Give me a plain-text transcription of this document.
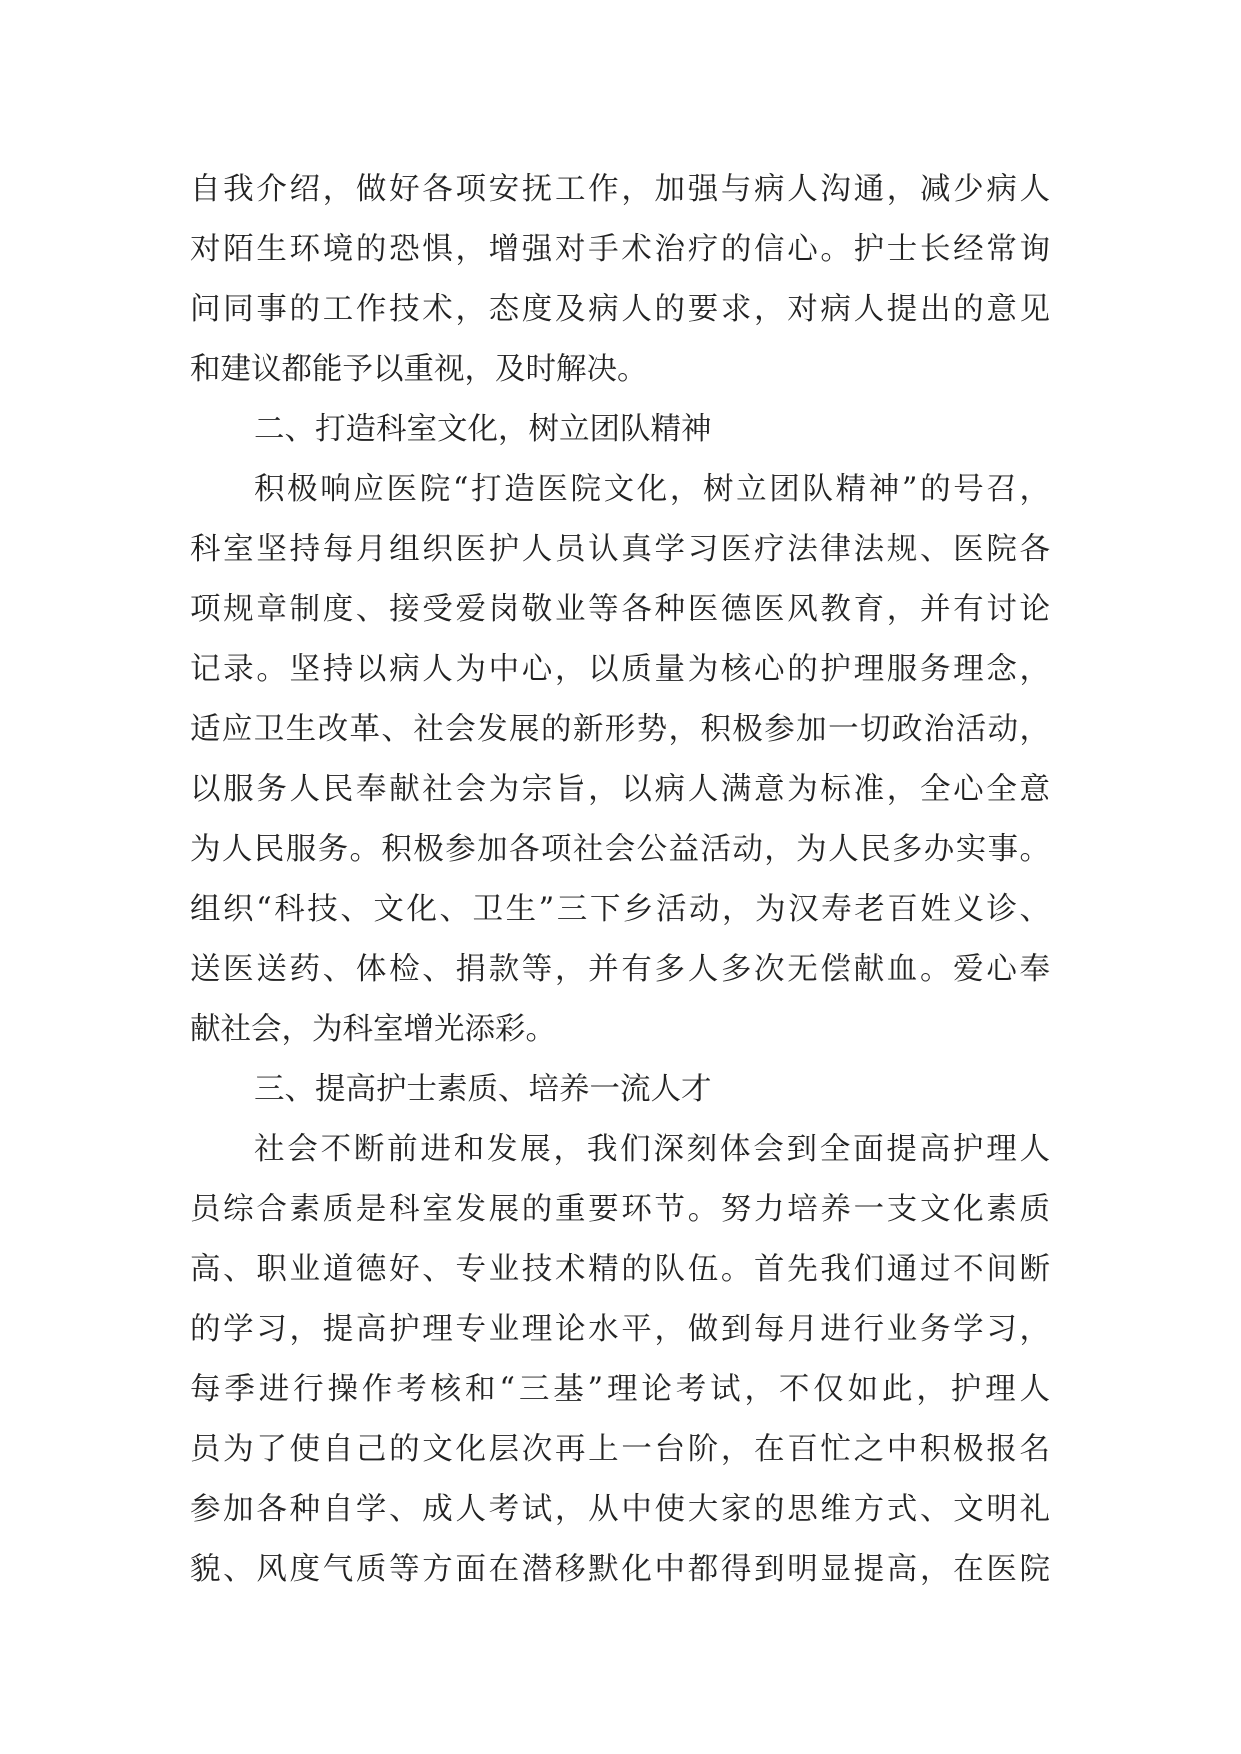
自我介绍，做好各项安抚工作，加强与病人沟通，减少病人
对陌生环境的恐惧，增强对手术治疗的信心。护士长经常询
问同事的工作技术，态度及病人的要求，对病人提出的意见
和建议都能予以重视，及时解决。
二、打造科室文化，树立团队精神
积极响应医院“打造医院文化，树立团队精神”的号召，
科室坚持每月组织医护人员认真学习医疗法律法规、医院各
项规章制度、接受爱岗敬业等各种医德医风教育，并有讨论
记录。坚持以病人为中心，以质量为核心的护理服务理念，
适应卫生改革、社会发展的新形势，积极参加一切政治活动，
以服务人民奉献社会为宗旨，以病人满意为标准，全心全意
为人民服务。积极参加各项社会公益活动，为人民多办实事。
组织“科技、文化、卫生”三下乡活动，为汉寿老百姓义诊、
送医送药、体检、捐款等，并有多人多次无偿献血。爱心奉
献社会，为科室增光添彩。
三、提高护士素质、培养一流人才
社会不断前进和发展，我们深刻体会到全面提高护理人
员综合素质是科室发展的重要环节。努力培养一支文化素质
高、职业道德好、专业技术精的队伍。首先我们通过不间断
的学习，提高护理专业理论水平，做到每月进行业务学习，
每季进行操作考核和“三基”理论考试，不仅如此，护理人
员为了使自己的文化层次再上一台阶，在百忙之中积极报名
参加各种自学、成人考试，从中使大家的思维方式、文明礼
貌、风度气质等方面在潜移默化中都得到明显提高，在医院
